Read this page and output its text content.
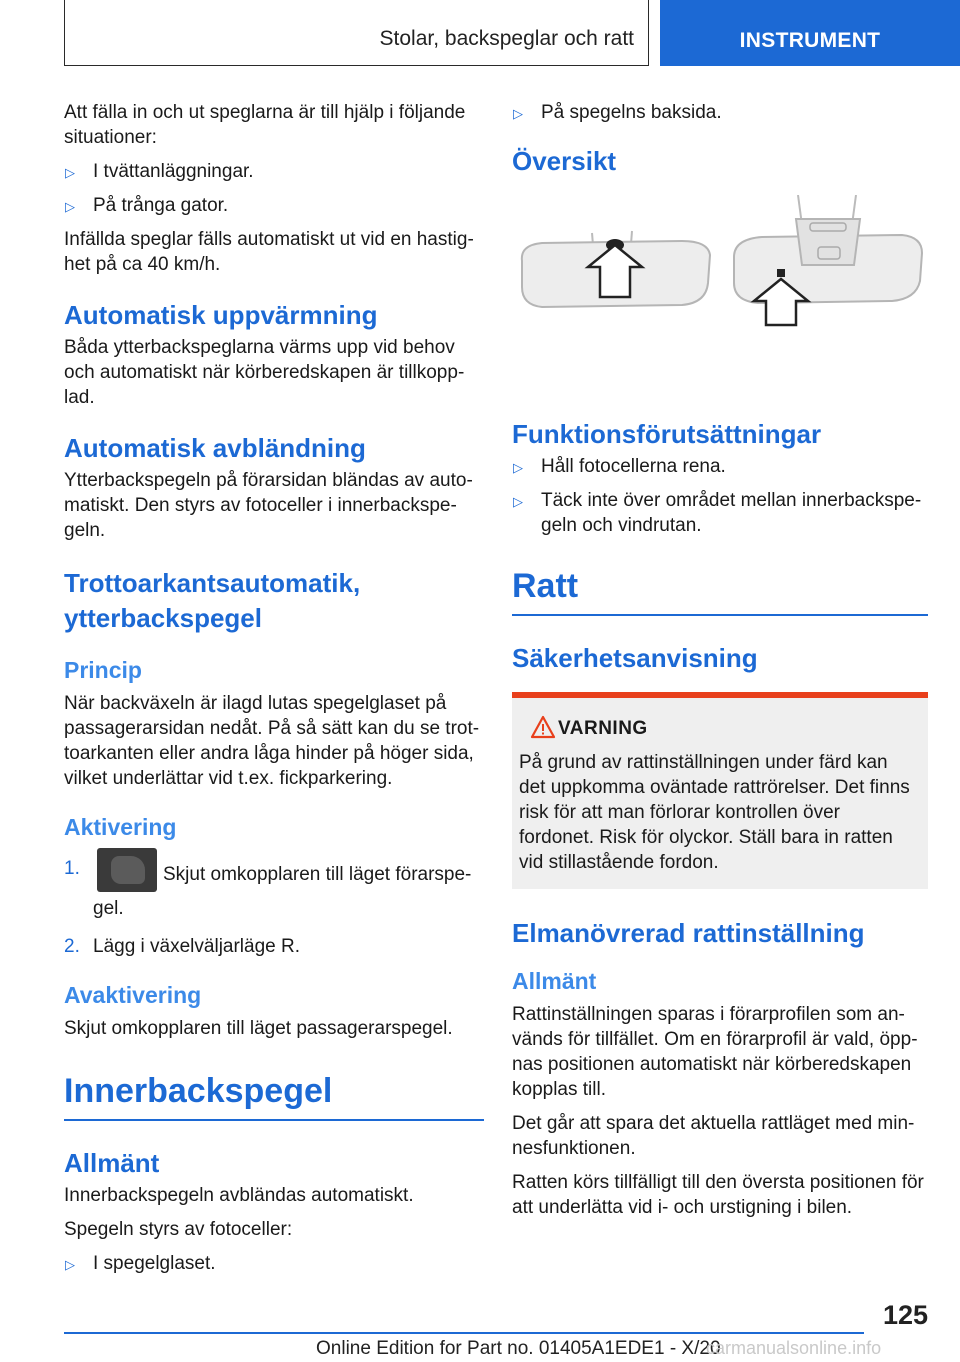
Stolar, backspeglar och ratt	INSTRUMENT

Att fälla in och ut speglarna är till hjälp i följande situationer:

▷ I tvättanläggningar.
▷ På trånga gator.

Infällda speglar fälls automatiskt ut vid en hastighet på ca 40 km/h.

Automatisk uppvärmning

Båda ytterbackspeglarna värms upp vid behov och automatiskt när körberedskapen är tillkopplad.

Automatisk avbländning

Ytterbackspegeln på förarsidan bländas av automatiskt. Den styrs av fotoceller i innerbackspegeln.

Trottoarkantsautomatik,
ytterbackspegel
Princip

När backväxeln är ilagd lutas spegelglaset på passagerarsidan nedåt. På så sätt kan du se trottoarkanten eller andra låga hinder på höger sida, vilket underlättar vid t.ex. fickparkering.

Aktivering
1.	Skjut omkopplaren till läget förarspegel.
2. Lägg i växelväljarläge R.
Avaktivering

Skjut omkopplaren till läget passagerarspegel.

Innerbackspegel
Allmänt

Innerbackspegeln avbländas automatiskt.

Spegeln styrs av fotoceller:

▷ I spegelglaset.
▷ På spegelns baksida.
Översikt
Funktionsförutsättningar
▷ Håll fotocellerna rena.
▷ Täck inte över området mellan innerbackspegeln och vindrutan.
Ratt
Säkerhetsanvisning
VARNING

På grund av rattinställningen under färd kan det uppkomma oväntade rattrörelser. Det finns risk för att man förlorar kontrollen över fordonet. Risk för olyckor. Ställ bara in ratten vid stillastående fordon.

Elmanövrerad rattinställning
Allmänt

Rattinställningen sparas i förarprofilen som används för tillfället. Om en förarprofil är vald, öppnas positionen automatiskt när körberedskapen kopplas till.

Det går att spara det aktuella rattläget med minnesfunktionen.

Ratten körs tillfälligt till den översta positionen för att underlätta vid i- och urstigning i bilen.

125
Online Edition for Part no. 01405A1EDE1 - X/20
carmanualsonline.info
